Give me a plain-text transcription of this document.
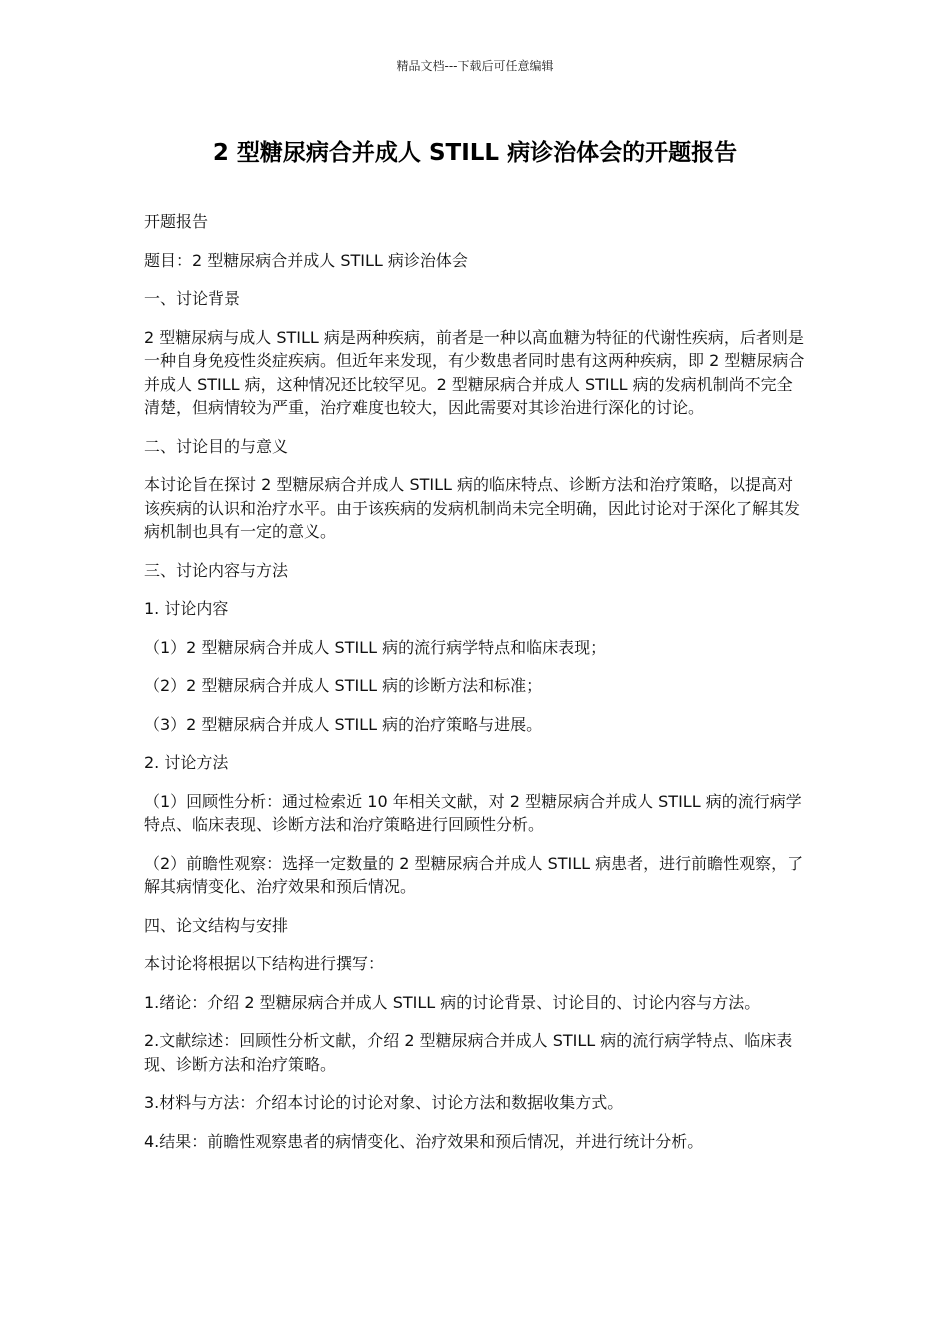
精品文档---下载后可任意编辑
2 型糖尿病合并成人 STILL 病诊治体会的开题报告

开题报告

题目：2 型糖尿病合并成人 STILL 病诊治体会

一、讨论背景

2 型糖尿病与成人 STILL 病是两种疾病，前者是一种以高血糖为特征的代谢性疾病，后者则是一种自身免疫性炎症疾病。但近年来发现，有少数患者同时患有这两种疾病，即 2 型糖尿病合并成人 STILL 病，这种情况还比较罕见。2 型糖尿病合并成人 STILL 病的发病机制尚不完全清楚，但病情较为严重，治疗难度也较大，因此需要对其诊治进行深化的讨论。

二、讨论目的与意义

本讨论旨在探讨 2 型糖尿病合并成人 STILL 病的临床特点、诊断方法和治疗策略，以提高对该疾病的认识和治疗水平。由于该疾病的发病机制尚未完全明确，因此讨论对于深化了解其发病机制也具有一定的意义。

三、讨论内容与方法

1. 讨论内容

（1）2 型糖尿病合并成人 STILL 病的流行病学特点和临床表现；

（2）2 型糖尿病合并成人 STILL 病的诊断方法和标准；

（3）2 型糖尿病合并成人 STILL 病的治疗策略与进展。

2. 讨论方法

（1）回顾性分析：通过检索近 10 年相关文献，对 2 型糖尿病合并成人 STILL 病的流行病学特点、临床表现、诊断方法和治疗策略进行回顾性分析。

（2）前瞻性观察：选择一定数量的 2 型糖尿病合并成人 STILL 病患者，进行前瞻性观察，了解其病情变化、治疗效果和预后情况。

四、论文结构与安排

本讨论将根据以下结构进行撰写：

1.绪论：介绍 2 型糖尿病合并成人 STILL 病的讨论背景、讨论目的、讨论内容与方法。

2.文献综述：回顾性分析文献，介绍 2 型糖尿病合并成人 STILL 病的流行病学特点、临床表现、诊断方法和治疗策略。

3.材料与方法：介绍本讨论的讨论对象、讨论方法和数据收集方式。

4.结果：前瞻性观察患者的病情变化、治疗效果和预后情况，并进行统计分析。
